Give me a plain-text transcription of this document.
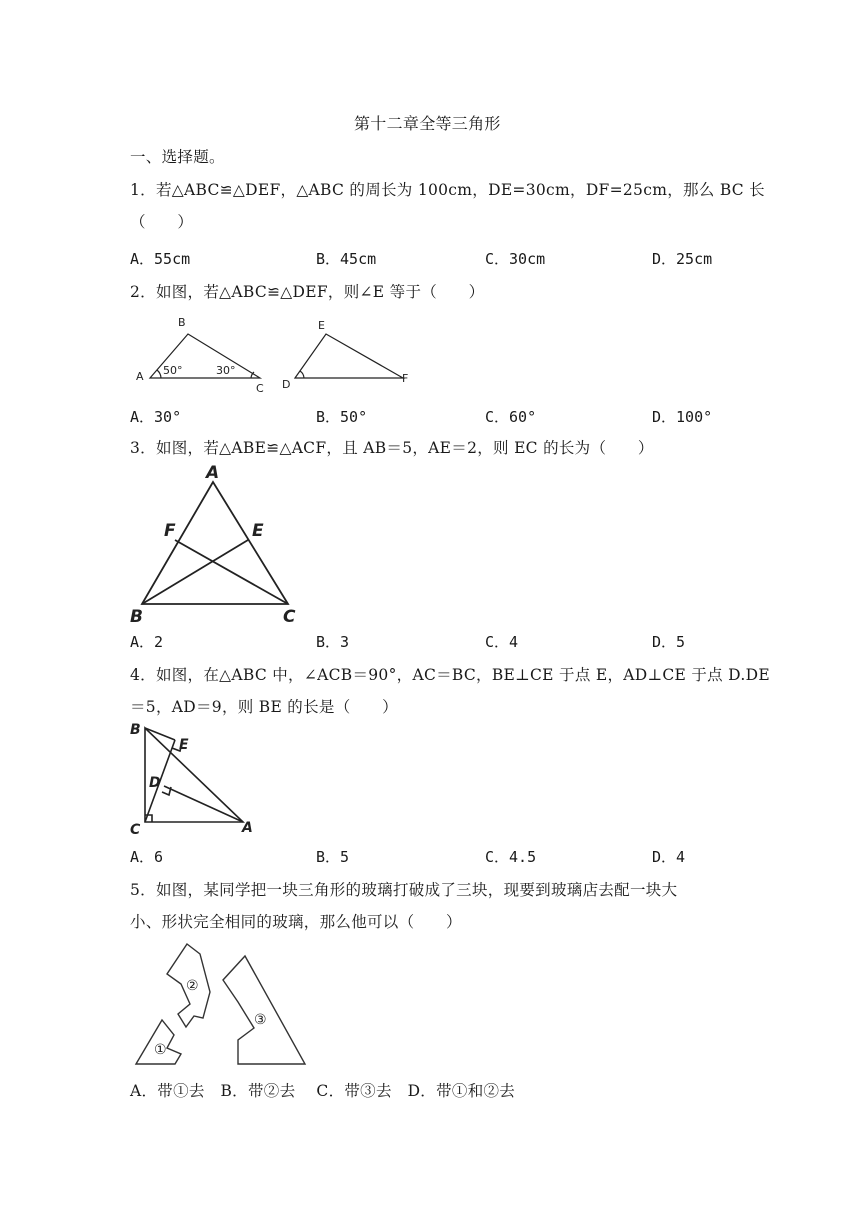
第十二章全等三角形
一、选择题。
1．若△ABC≌△DEF，△ABC 的周长为 100cm，DE=30cm，DF=25cm，那么 BC 长
（　　）
A．55cm	B．45cm	C．30cm	D．25cm
2．如图，若△ABC≌△DEF，则∠E 等于（　　）
B
A
C
50°	30°
E
D	F
A．30°	B．50°	C．60°	D．100°
3．如图，若△ABE≌△ACF，且 AB＝5，AE＝2，则 EC 的长为（　　）
A
F	E
B	C
A．2	B．3	C．4	D．5
4．如图，在△ABC 中，∠ACB＝90°，AC＝BC，BE⊥CE 于点 E，AD⊥CE 于点 D.DE
＝5，AD＝9，则 BE 的长是（　　）
B
E
D
C	A
A．6	B．5	C．4.5	D．4
5．如图，某同学把一块三角形的玻璃打破成了三块，现要到玻璃店去配一块大
小、形状完全相同的玻璃，那么他可以（　　）
①
②
③
A．带①去　B．带②去　 C．带③去　D．带①和②去
